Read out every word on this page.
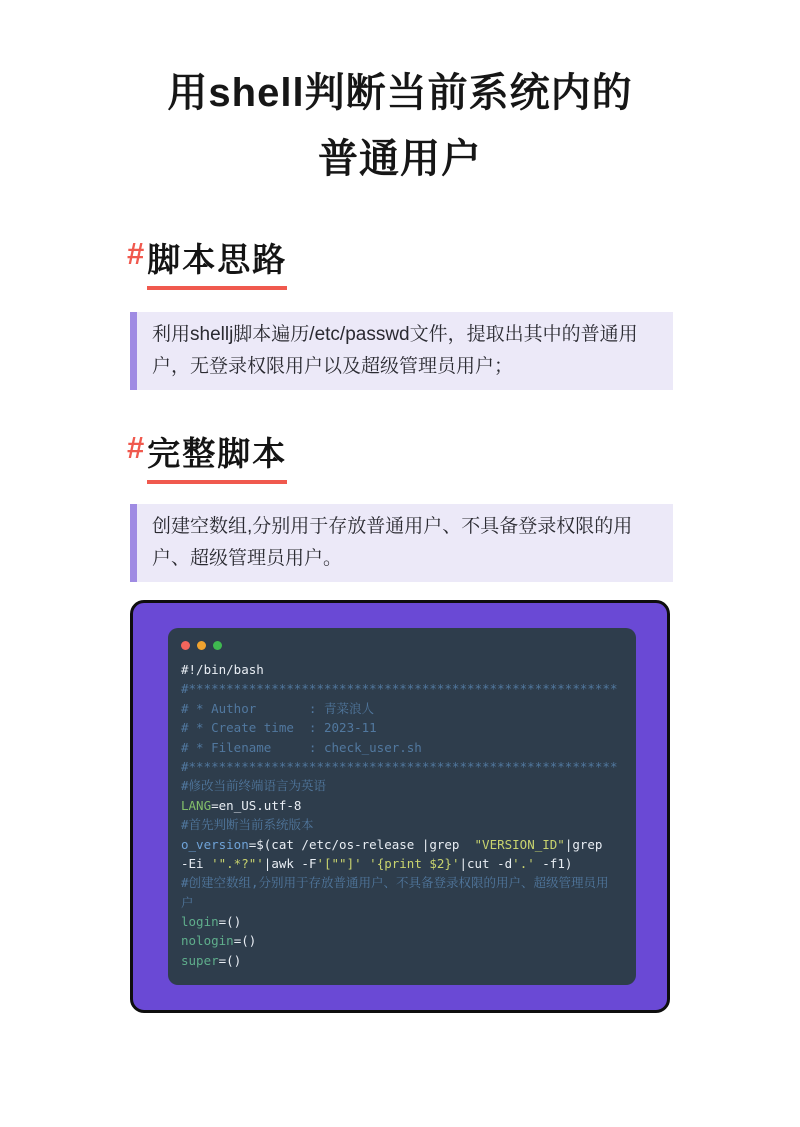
用shell判断当前系统内的
普通用户
# 脚本思路
利用shellj脚本遍历/etc/passwd文件，提取出其中的普通用户，无登录权限用户以及超级管理员用户；
# 完整脚本
创建空数组,分别用于存放普通用户、不具备登录权限的用户、超级管理员用户。
#!/bin/bash
#*********************************************************
# * Author       : 青菜浪人
# * Create time  : 2023-11
# * Filename     : check_user.sh
#*********************************************************
#修改当前终端语言为英语
LANG=en_US.utf-8
#首先判断当前系统版本
o_version=$(cat /etc/os-release |grep  "VERSION_ID"|grep
-Ei '".*?"'|awk -F'[""]' '{print $2}'|cut -d'.' -f1)
#创建空数组,分别用于存放普通用户、不具备登录权限的用户、超级管理员用
户
login=()
nologin=()
super=()
